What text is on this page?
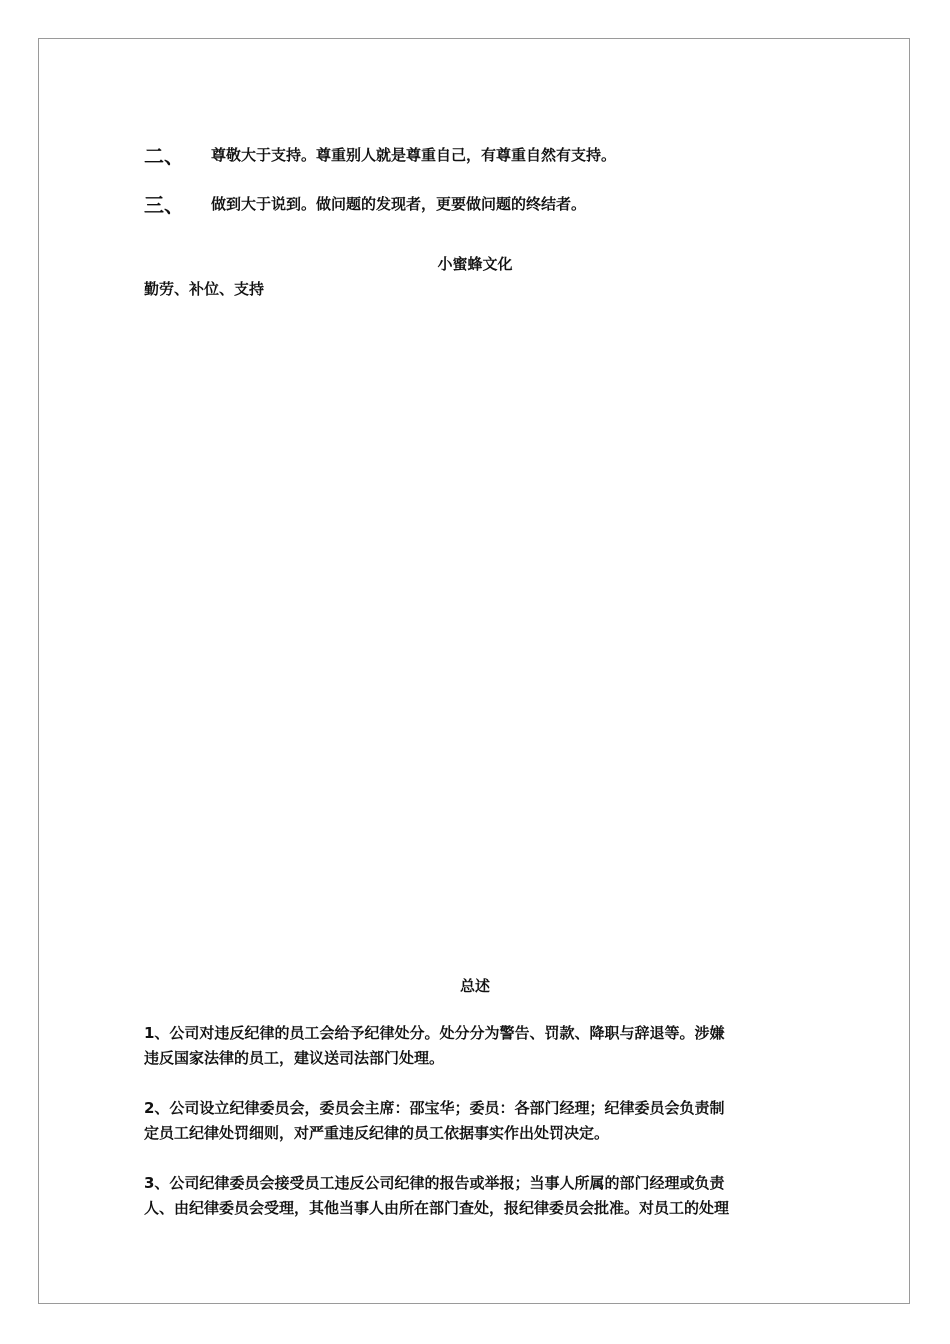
二、 尊敬大于支持。尊重别人就是尊重自己，有尊重自然有支持。
三、 做到大于说到。做问题的发现者，更要做问题的终结者。
小蜜蜂文化
勤劳、补位、支持
总述
1、公司对违反纪律的员工会给予纪律处分。处分分为警告、罚款、降职与辞退等。涉嫌
违反国家法律的员工，建议送司法部门处理。
2、公司设立纪律委员会，委员会主席：邵宝华；委员：各部门经理；纪律委员会负责制
定员工纪律处罚细则，对严重违反纪律的员工依据事实作出处罚决定。
3、公司纪律委员会接受员工违反公司纪律的报告或举报；当事人所属的部门经理或负责
人、由纪律委员会受理，其他当事人由所在部门查处，报纪律委员会批准。对员工的处理
